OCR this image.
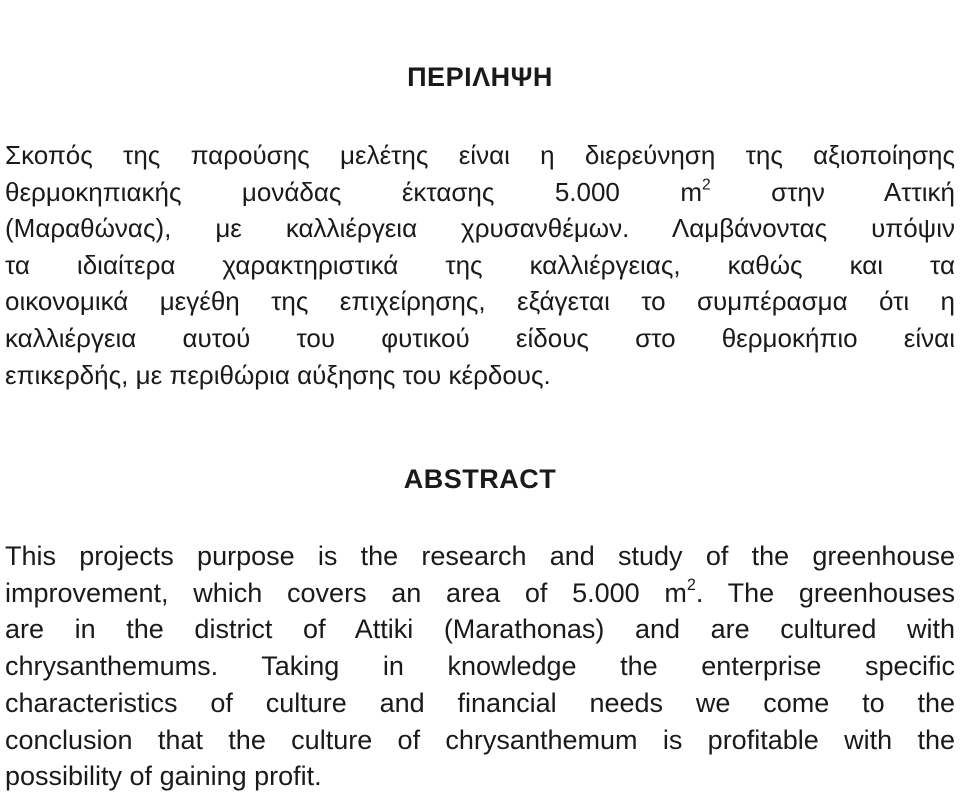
ΠΕΡΙΛΗΨΗ
Σκοπός της παρούσης μελέτης είναι η διερεύνηση της αξιοποίησης
θερμοκηπιακής μονάδας έκτασης 5.000 $m^2$ στην Αττική
(Μαραθώνας), με καλλιέργεια χρυσανθέμων. Λαμβάνοντας υπόψιν
τα ιδιαίτερα χαρακτηριστικά της καλλιέργειας, καθώς και τα
οικονομικά μεγέθη της επιχείρησης, εξάγεται το συμπέρασμα ότι η
καλλιέργεια αυτού του φυτικού είδους στο θερμοκήπιο είναι
επικερδής, με περιθώρια αύξησης του κέρδους.
ABSTRACT
This projects purpose is the research and study of the greenhouse
improvement, which covers an area of 5.000 $m^2$. The greenhouses
are in the district of Attiki (Marathonas) and are cultured with
chrysanthemums. Taking in knowledge the enterprise specific
characteristics of culture and financial needs we come to the
conclusion that the culture of chrysanthemum is profitable with the
possibility of gaining profit.
